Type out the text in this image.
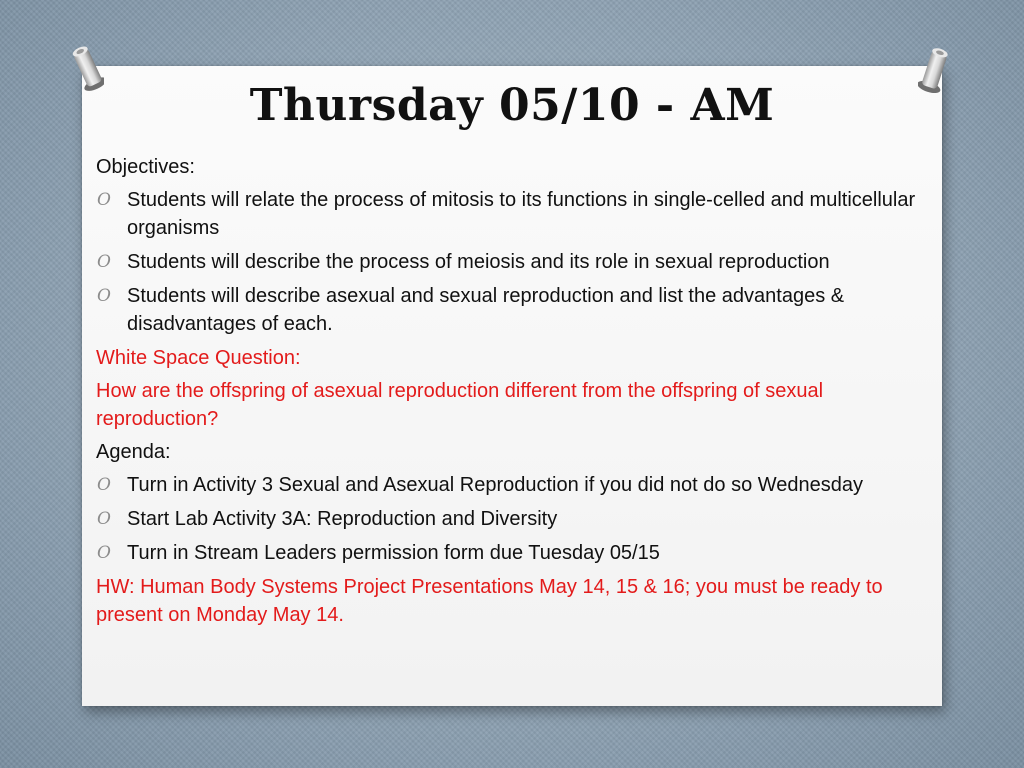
Thursday 05/10 - AM

Objectives:

O Students will relate the process of mitosis to its functions in single-celled and multicellular organisms
O Students will describe the process of meiosis and its role in sexual reproduction
O Students will describe asexual and sexual reproduction and list the advantages & disadvantages of each.

White Space Question:

How are the offspring of asexual reproduction different from the offspring of sexual reproduction?

Agenda:

O Turn in Activity 3 Sexual and Asexual Reproduction if you did not do so Wednesday
O Start Lab Activity 3A: Reproduction and Diversity
O Turn in Stream Leaders permission form due Tuesday 05/15

HW: Human Body Systems Project Presentations May 14, 15 & 16; you must be ready to present on Monday May 14.
